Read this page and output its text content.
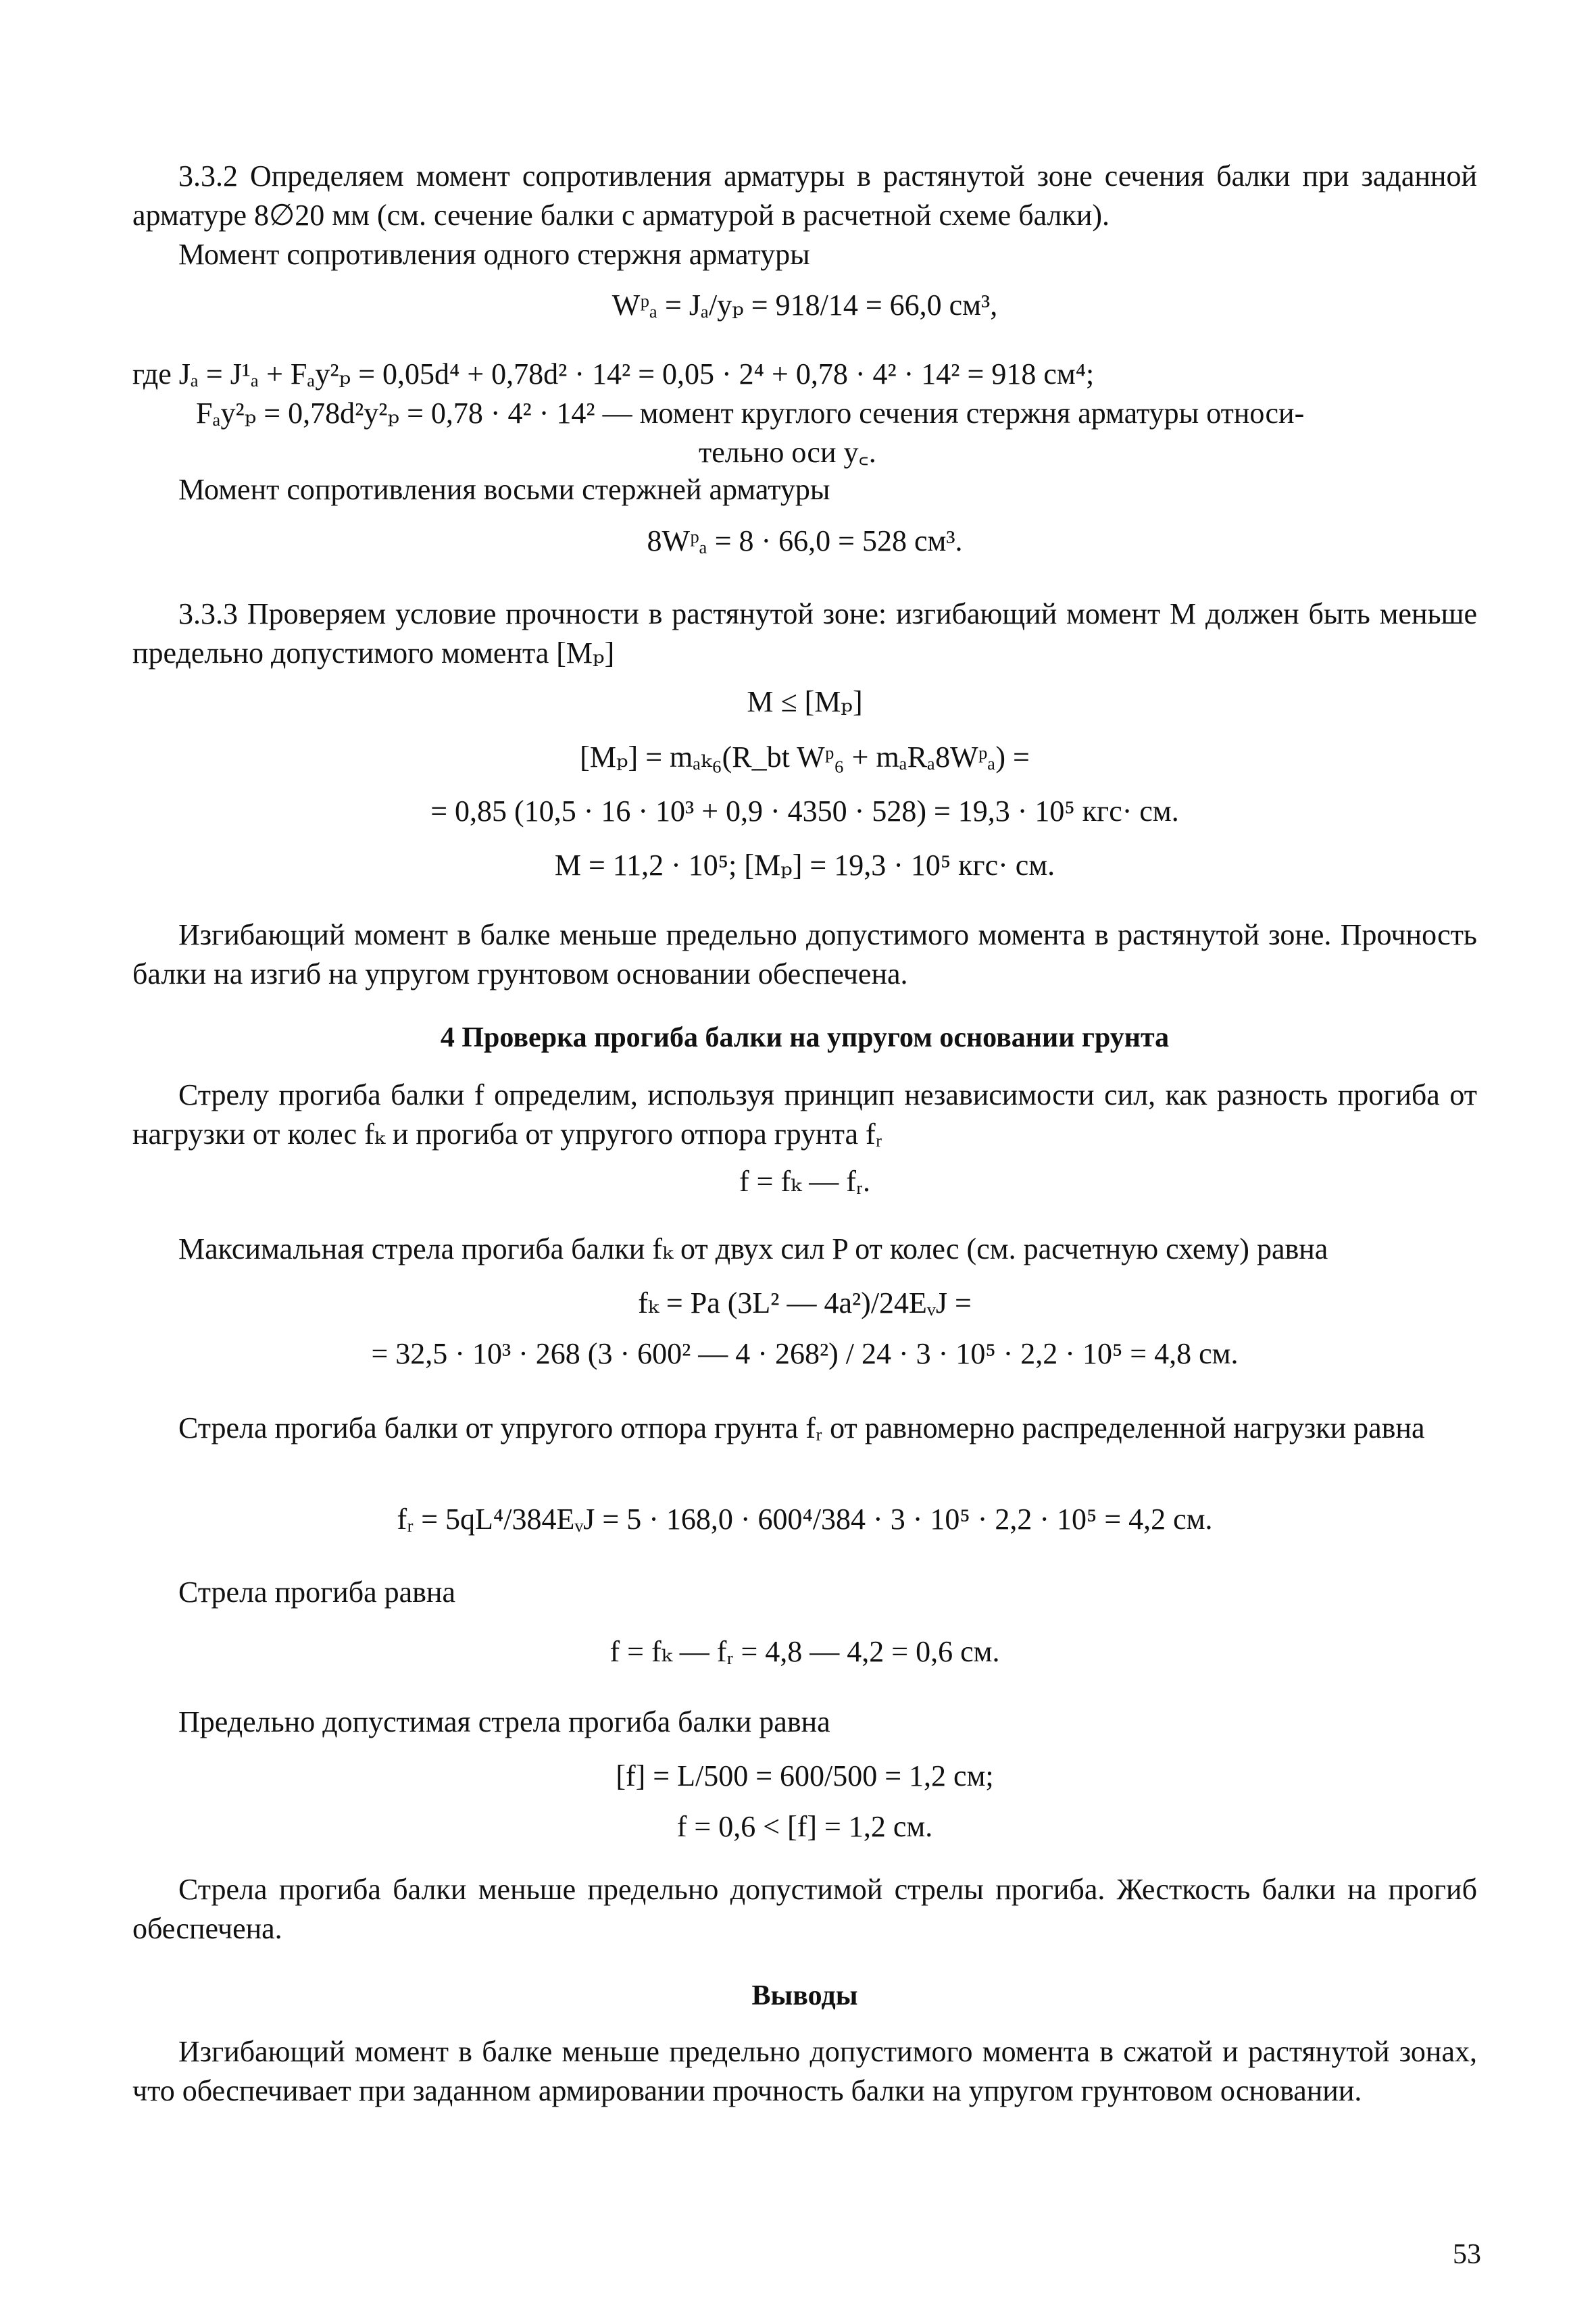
3.3.2 Определяем момент сопротивления арматуры в растянутой зоне сечения балки при заданной арматуре 8∅20 мм (см. сечение балки с арматурой в расчетной схеме балки).

Момент сопротивления одного стержня арматуры

Wᵖₐ = Jₐ/yₚ = 918/14 = 66,0 см³,

где Jₐ = J¹ₐ + Fₐy²ₚ = 0,05d⁴ + 0,78d² · 14² = 0,05 · 2⁴ + 0,78 · 4² · 14² = 918 см⁴;

Fₐy²ₚ = 0,78d²y²ₚ = 0,78 · 4² · 14² — момент круглого сечения стержня арматуры относи-

тельно оси y꜀.

Момент сопротивления восьми стержней арматуры

8Wᵖₐ = 8 · 66,0 = 528 см³.

3.3.3 Проверяем условие прочности в растянутой зоне: изгибающий момент M должен быть меньше предельно допустимого момента [Mₚ]

M ≤ [Mₚ]

[Mₚ] = mₐₖ₆(R_bt Wᵖ₆ + mₐRₐ8Wᵖₐ) =

= 0,85 (10,5 · 16 · 10³ + 0,9 · 4350 · 528) = 19,3 · 10⁵ кгс· см.

M = 11,2 · 10⁵; [Mₚ] = 19,3 · 10⁵ кгс· см.

Изгибающий момент в балке меньше предельно допустимого момента в растянутой зоне. Прочность балки на изгиб на упругом грунтовом основании обеспечена.

4 Проверка прогиба балки на упругом основании грунта

Стрелу прогиба балки f определим, используя принцип независимости сил, как разность прогиба от нагрузки от колес fₖ и прогиба от упругого отпора грунта fᵣ

f = fₖ — fᵣ.

Максимальная стрела прогиба балки fₖ от двух сил P от колес (см. расчетную схему) равна

fₖ = Pa (3L² — 4a²)/24EᵥJ =

= 32,5 · 10³ · 268 (3 · 600² — 4 · 268²) / 24 · 3 · 10⁵ · 2,2 · 10⁵ = 4,8 см.

Стрела прогиба балки от упругого отпора грунта fᵣ от равномерно распределенной нагрузки равна

fᵣ = 5qL⁴/384EᵥJ = 5 · 168,0 · 600⁴/384 · 3 · 10⁵ · 2,2 · 10⁵ = 4,2 см.

Стрела прогиба равна

f = fₖ — fᵣ = 4,8 — 4,2 = 0,6 см.

Предельно допустимая стрела прогиба балки равна

[f] = L/500 = 600/500 = 1,2 см;

f = 0,6 < [f] = 1,2 см.

Стрела прогиба балки меньше предельно допустимой стрелы прогиба. Жесткость балки на прогиб обеспечена.

Выводы

Изгибающий момент в балке меньше предельно допустимого момента в сжатой и растянутой зонах, что обеспечивает при заданном армировании прочность балки на упругом грунтовом основании.

53
